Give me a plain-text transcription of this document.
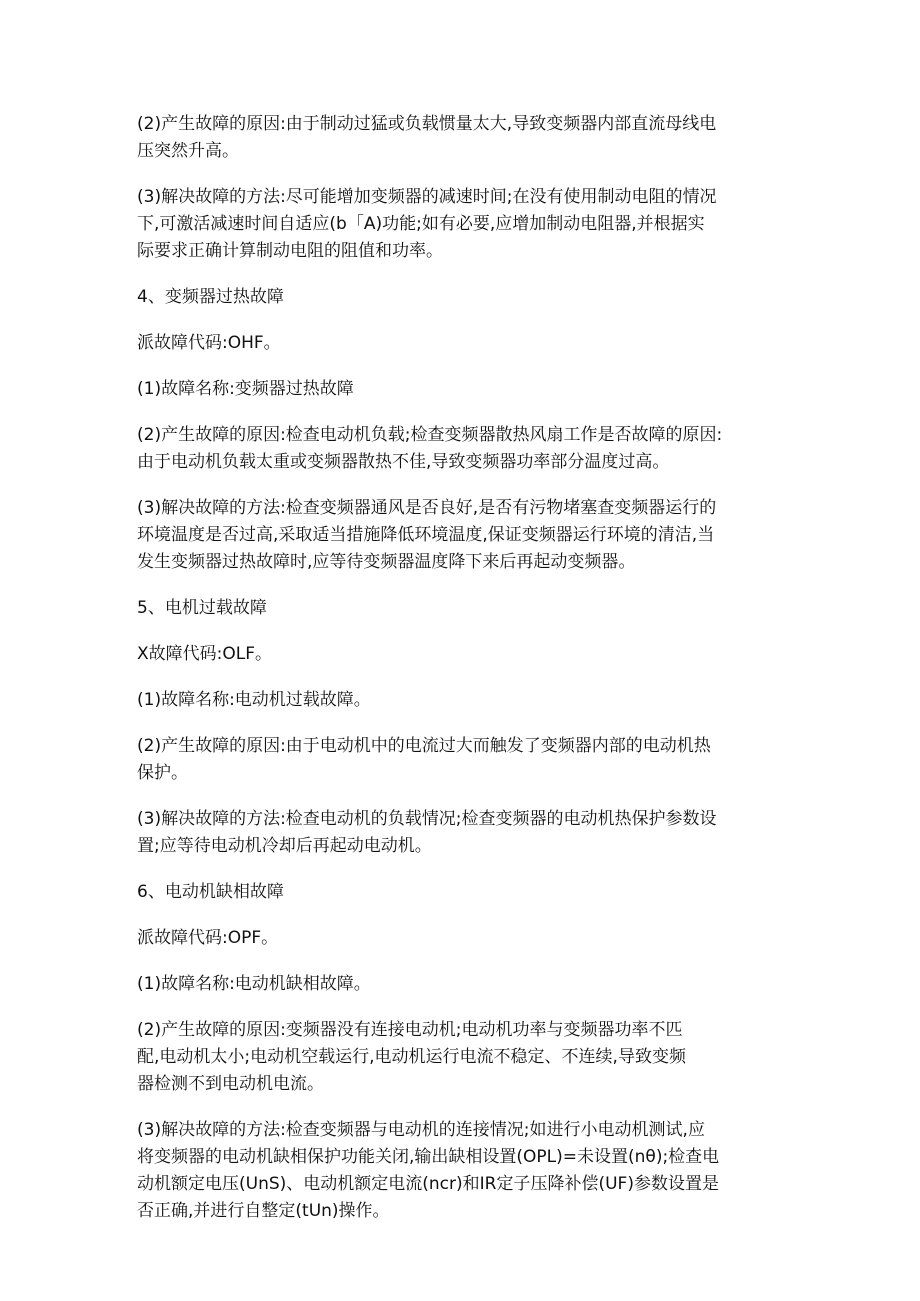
(2)产生故障的原因:由于制动过猛或负载惯量太大,导致变频器内部直流母线电
压突然升高。

(3)解决故障的方法:尽可能增加变频器的减速时间;在没有使用制动电阻的情况
下,可激活减速时间自适应(b「A)功能;如有必要,应增加制动电阻器,并根据实
际要求正确计算制动电阻的阻值和功率。

4、变频器过热故障

派故障代码:OHF。

(1)故障名称:变频器过热故障

(2)产生故障的原因:检查电动机负载;检查变频器散热风扇工作是否故障的原因:
由于电动机负载太重或变频器散热不佳,导致变频器功率部分温度过高。

(3)解决故障的方法:检查变频器通风是否良好,是否有污物堵塞查变频器运行的
环境温度是否过高,采取适当措施降低环境温度,保证变频器运行环境的清洁,当
发生变频器过热故障时,应等待变频器温度降下来后再起动变频器。

5、电机过载故障

X故障代码:OLF。

(1)故障名称:电动机过载故障。

(2)产生故障的原因:由于电动机中的电流过大而触发了变频器内部的电动机热
保护。

(3)解决故障的方法:检查电动机的负载情况;检查变频器的电动机热保护参数设
置;应等待电动机冷却后再起动电动机。

6、电动机缺相故障

派故障代码:OPF。

(1)故障名称:电动机缺相故障。

(2)产生故障的原因:变频器没有连接电动机;电动机功率与变频器功率不匹
配,电动机太小;电动机空载运行,电动机运行电流不稳定、不连续,导致变频
器检测不到电动机电流。

(3)解决故障的方法:检查变频器与电动机的连接情况;如进行小电动机测试,应
将变频器的电动机缺相保护功能关闭,输出缺相设置(OPL)=未设置(nθ);检查电
动机额定电压(UnS)、电动机额定电流(ncr)和IR定子压降补偿(UF)参数设置是
否正确,并进行自整定(tUn)操作。
